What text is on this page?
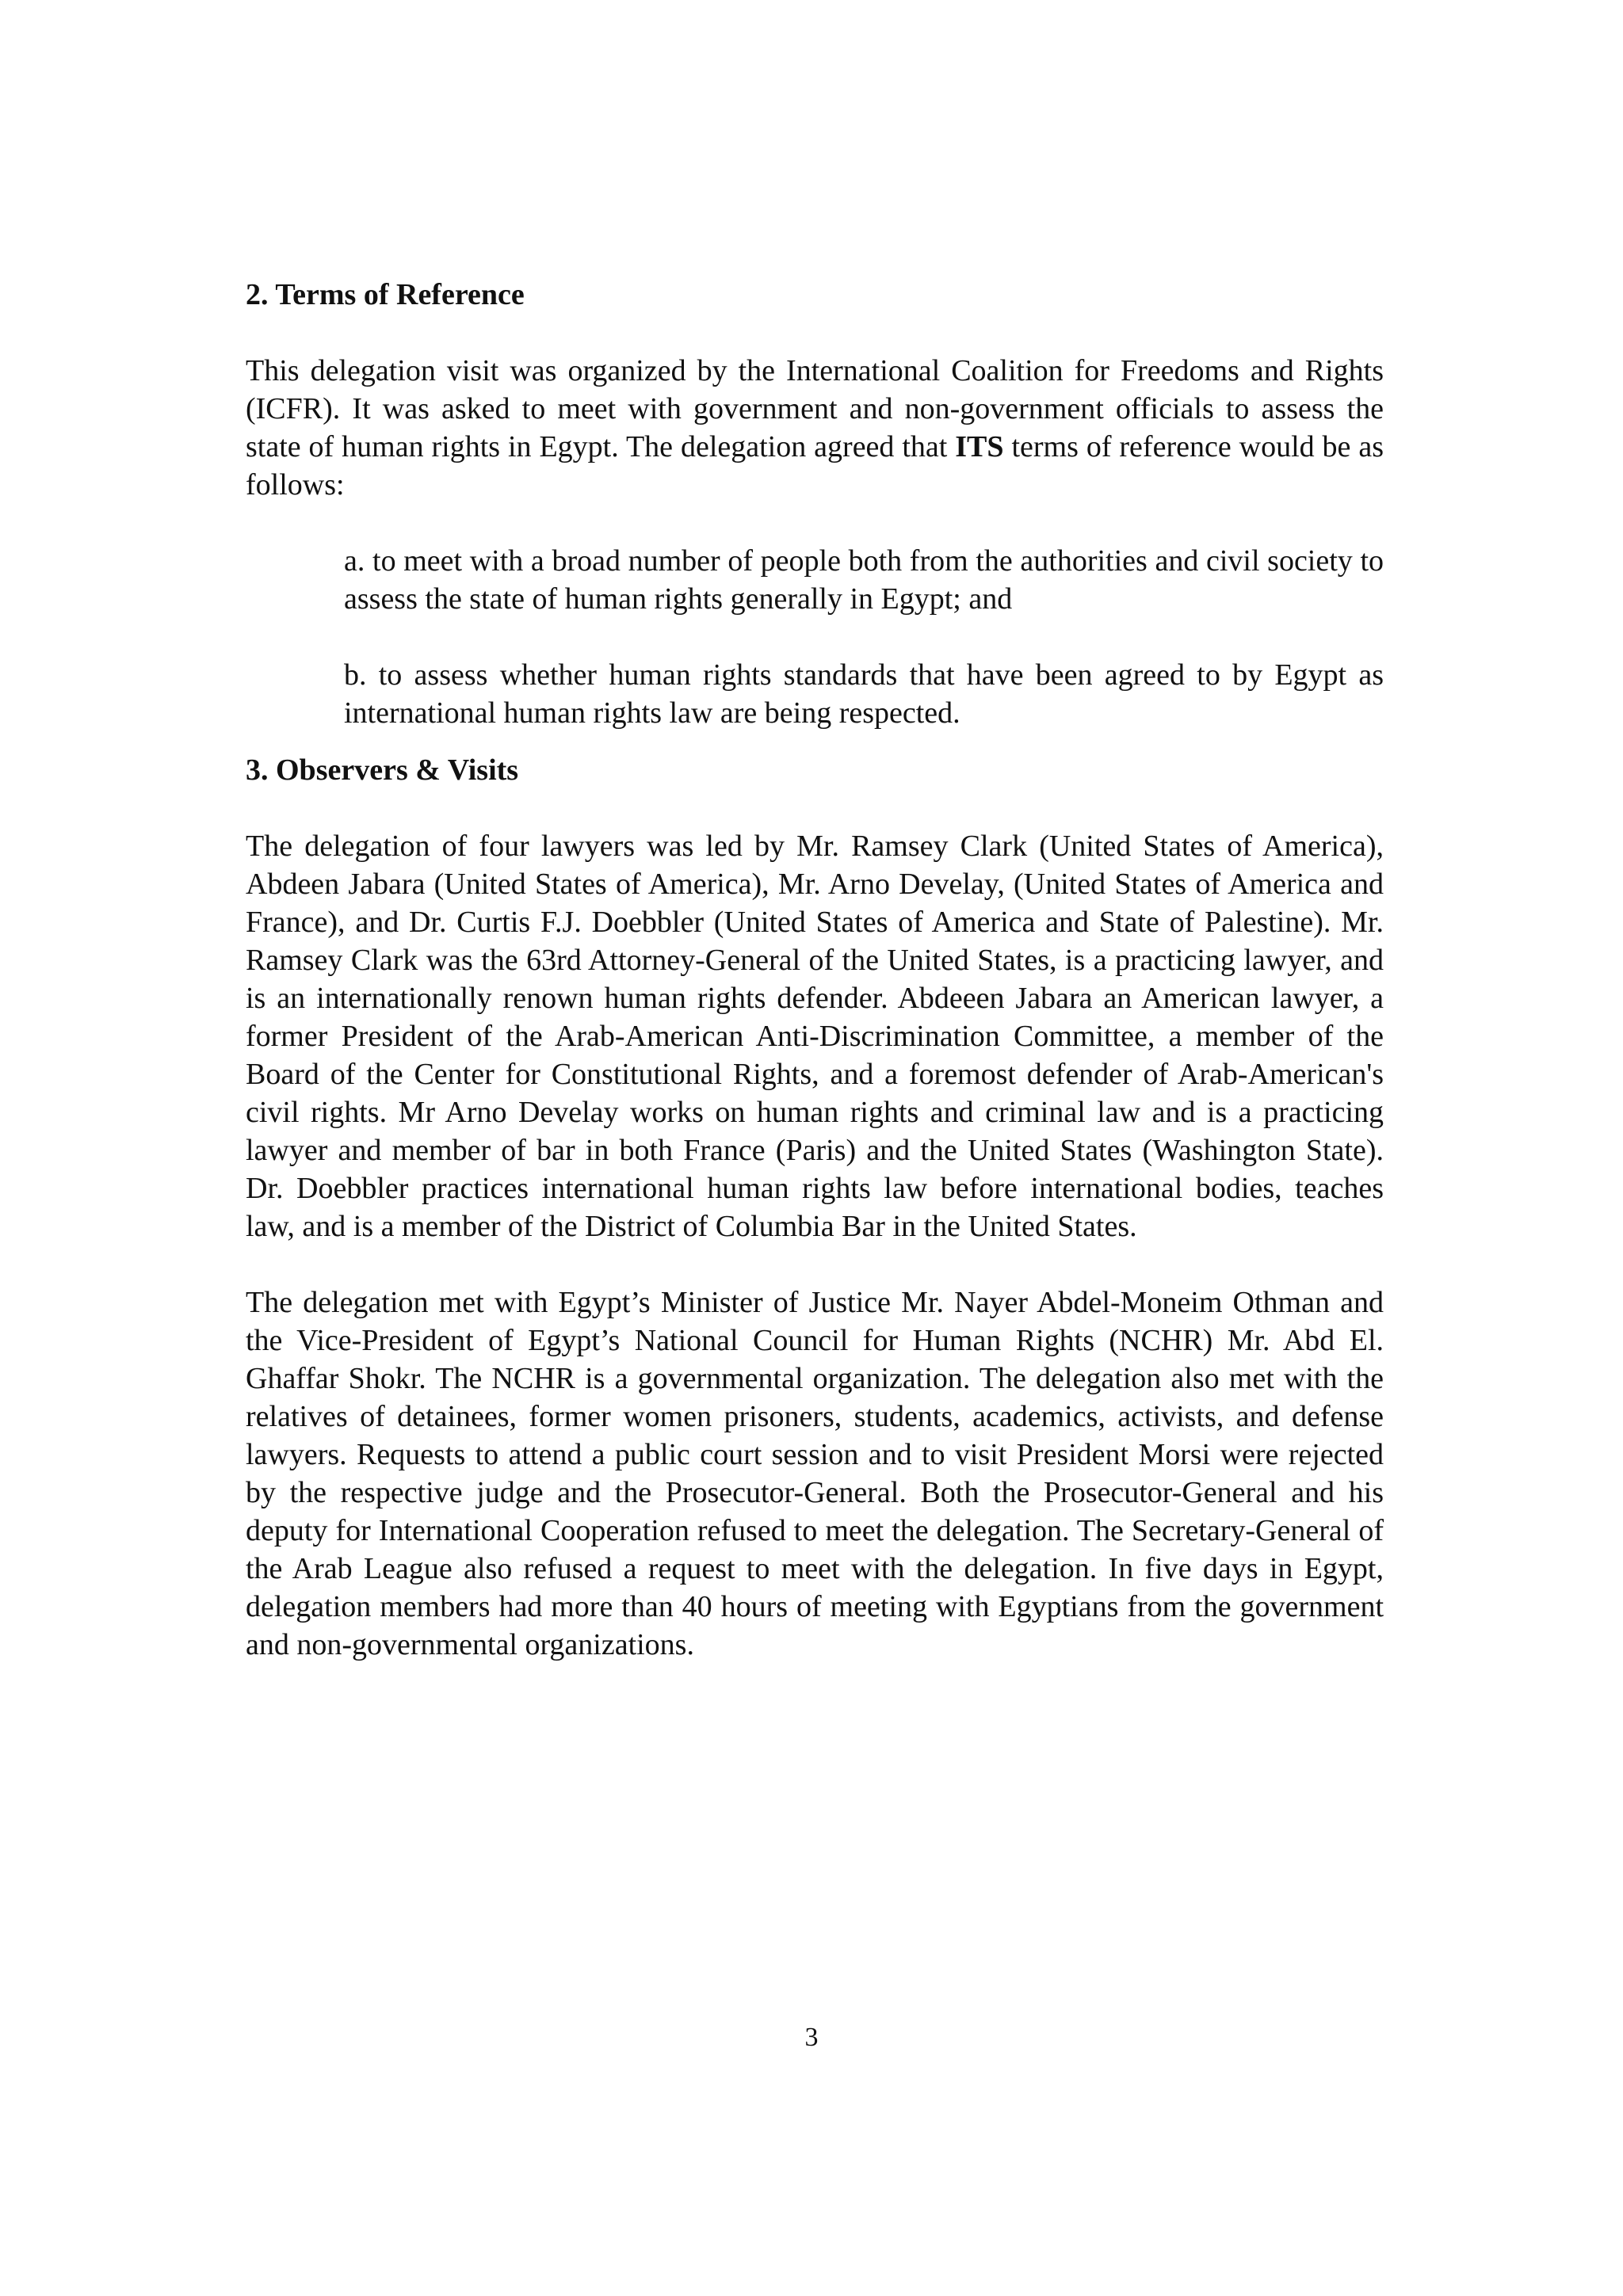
2. Terms of Reference

This delegation visit was organized by the International Coalition for Freedoms and Rights (ICFR). It was asked to meet with government and non-government officials to assess the state of human rights in Egypt. The delegation agreed that ITS terms of reference would be as follows:

a. to meet with a broad number of people both from the authorities and civil society to assess the state of human rights generally in Egypt; and

b. to assess whether human rights standards that have been agreed to by Egypt as international human rights law are being respected.

3. Observers & Visits

The delegation of four lawyers was led by Mr. Ramsey Clark (United States of America), Abdeen Jabara (United States of America), Mr. Arno Develay, (United States of America and France), and Dr. Curtis F.J. Doebbler (United States of America and State of Palestine). Mr. Ramsey Clark was the 63rd Attorney-General of the United States, is a practicing lawyer, and is an internationally renown human rights defender. Abdeeen Jabara an American lawyer, a former President of the Arab-American Anti-Discrimination Committee, a member of the Board of the Center for Constitutional Rights, and a foremost defender of Arab-American's civil rights. Mr Arno Develay works on human rights and criminal law and is a practicing lawyer and member of bar in both France (Paris) and the United States (Washington State). Dr. Doebbler practices international human rights law before international bodies, teaches law, and is a member of the District of Columbia Bar in the United States.

The delegation met with Egypt’s Minister of Justice Mr. Nayer Abdel-Moneim Othman and the Vice-President of Egypt’s National Council for Human Rights (NCHR) Mr. Abd El. Ghaffar Shokr. The NCHR is a governmental organization. The delegation also met with the relatives of detainees, former women prisoners, students, academics, activists, and defense lawyers. Requests to attend a public court session and to visit President Morsi were rejected by the respective judge and the Prosecutor-General. Both the Prosecutor-General and his deputy for International Cooperation refused to meet the delegation. The Secretary-General of the Arab League also refused a request to meet with the delegation. In five days in Egypt, delegation members had more than 40 hours of meeting with Egyptians from the government and non-governmental organizations.

3
